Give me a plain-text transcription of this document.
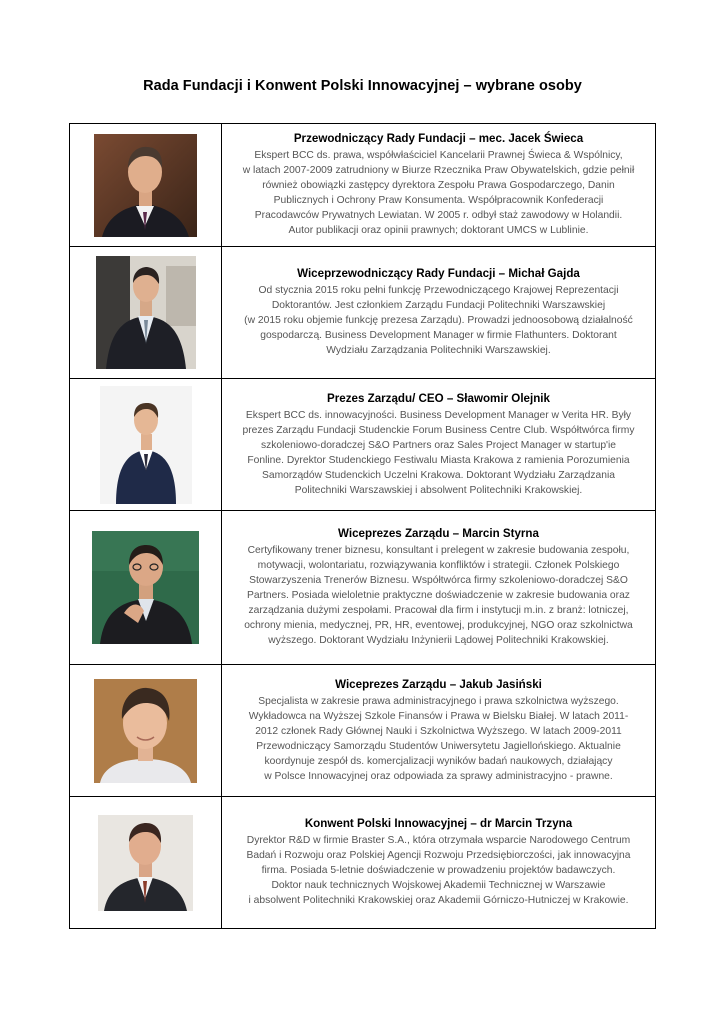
Rada Fundacji i Konwent Polski Innowacyjnej – wybrane osoby
Przewodniczący Rady Fundacji – mec. Jacek Świeca
Ekspert BCC ds. prawa, współwłaściciel Kancelarii Prawnej Świeca & Wspólnicy,
w latach 2007-2009 zatrudniony w Biurze Rzecznika Praw Obywatelskich, gdzie pełnił
również obowiązki zastępcy dyrektora Zespołu Prawa Gospodarczego, Danin
Publicznych i Ochrony Praw Konsumenta. Współpracownik Konfederacji
Pracodawców Prywatnych Lewiatan. W 2005 r. odbył staż zawodowy w Holandii.
Autor publikacji oraz opinii prawnych; doktorant UMCS w Lublinie.
Wiceprzewodniczący Rady Fundacji – Michał Gajda
Od stycznia 2015 roku pełni funkcję Przewodniczącego Krajowej Reprezentacji
Doktorantów. Jest członkiem Zarządu Fundacji Politechniki Warszawskiej
(w 2015 roku objemie funkcję prezesa Zarządu). Prowadzi jednoosobową działalność
gospodarczą. Business Development Manager w firmie Flathunters. Doktorant
Wydziału Zarządzania Politechniki Warszawskiej.
Prezes Zarządu/ CEO – Sławomir Olejnik
Ekspert BCC ds. innowacyjności. Business Development Manager w Verita HR. Były
prezes Zarządu Fundacji Studenckie Forum Business Centre Club. Współtwórca firmy
szkoleniowo-doradczej S&O Partners oraz Sales Project Manager w startup'ie
Fonline. Dyrektor Studenckiego Festiwalu Miasta Krakowa z ramienia Porozumienia
Samorządów Studenckich Uczelni Krakowa. Doktorant Wydziału Zarządzania
Politechniki Warszawskiej i absolwent Politechniki Krakowskiej.
Wiceprezes Zarządu – Marcin Styrna
Certyfikowany trener biznesu, konsultant i prelegent w zakresie budowania zespołu,
motywacji, wolontariatu, rozwiązywania konfliktów i strategii. Członek Polskiego
Stowarzyszenia Trenerów Biznesu. Współtwórca firmy szkoleniowo-doradczej S&O
Partners. Posiada wieloletnie praktyczne doświadczenie w zakresie budowania oraz
zarządzania dużymi zespołami. Pracował dla firm i instytucji m.in. z branż: lotniczej,
ochrony mienia, medycznej, PR, HR, eventowej, produkcyjnej, NGO oraz szkolnictwa
wyższego. Doktorant Wydziału Inżynierii Lądowej Politechniki Krakowskiej.
Wiceprezes Zarządu – Jakub Jasiński
Specjalista w zakresie prawa administracyjnego i prawa szkolnictwa wyższego.
Wykładowca na Wyższej Szkole Finansów i Prawa w Bielsku Białej. W latach 2011-
2012 członek Rady Głównej Nauki i Szkolnictwa Wyższego. W latach 2009-2011
Przewodniczący Samorządu Studentów Uniwersytetu Jagiellońskiego. Aktualnie
koordynuje zespół ds. komercjalizacji wyników badań naukowych, działający
w Polsce Innowacyjnej oraz odpowiada za sprawy administracyjno - prawne.
Konwent Polski Innowacyjnej – dr Marcin Trzyna
Dyrektor R&D w firmie Braster S.A., która otrzymała wsparcie Narodowego Centrum
Badań i Rozwoju oraz Polskiej Agencji Rozwoju Przedsiębiorczości, jak innowacyjna
firma. Posiada 5-letnie doświadczenie w prowadzeniu projektów badawczych.
Doktor nauk technicznych Wojskowej Akademii Technicznej w Warszawie
i absolwent Politechniki Krakowskiej oraz Akademii Górniczo-Hutniczej w Krakowie.
